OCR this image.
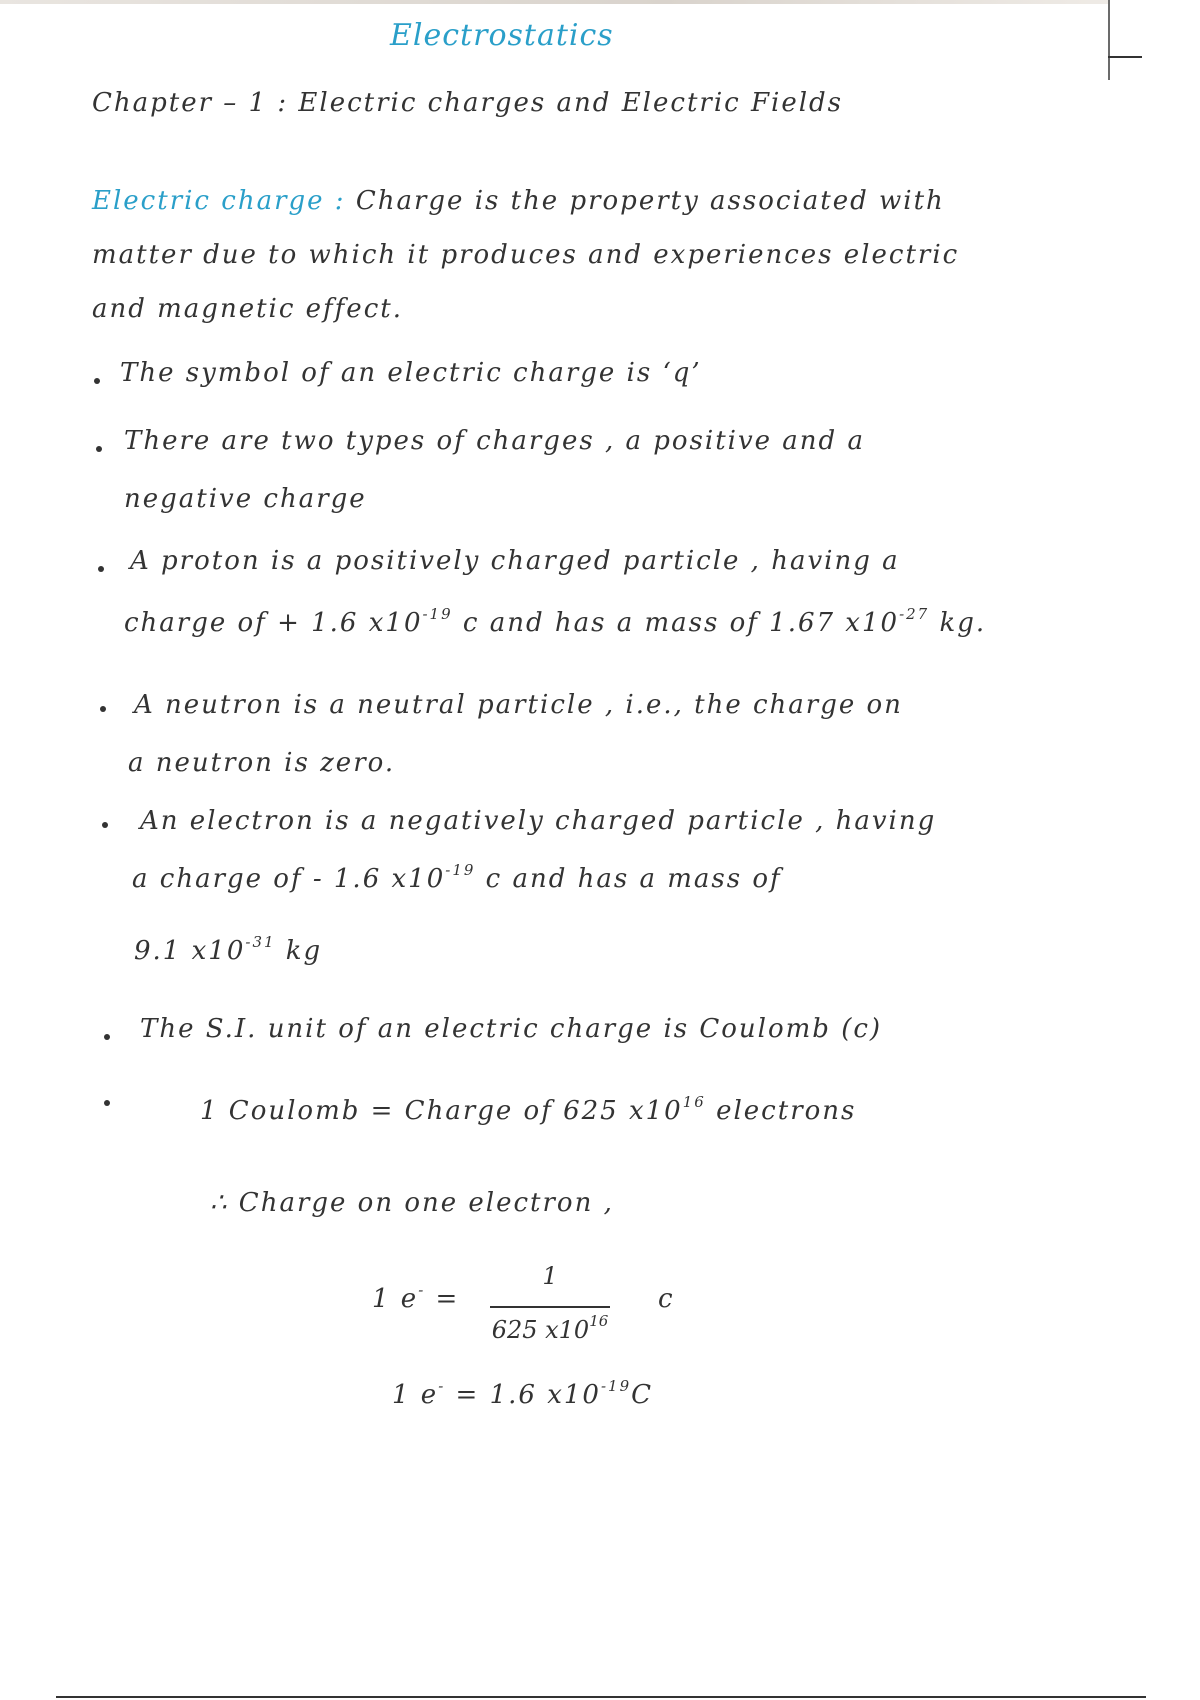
Electrostatics
Chapter – 1 : Electric charges and Electric Fields
Electric charge : Charge is the property associated with
matter due to which it produces and experiences electric
and magnetic effect.
The symbol of an electric charge is ‘q’
There are two types of charges , a positive and a
negative charge
A proton is a positively charged particle , having a
charge of + 1.6 $x10^{-19}$ c and has a mass of 1.67 $x10^{-27}$ kg.
A neutron is a neutral particle , i.e., the charge on
a neutron is zero.
An electron is a negatively charged particle , having
a charge of - 1.6 $x10^{-19}$ c and has a mass of
9.1 $x10^{-31}$ kg
The S.I. unit of an electric charge is Coulomb (c)
1 Coulomb = Charge of 625 $x10^{16}$ electrons
∴ Charge on one electron ,
1 e- =
1
625 $x10^{16}$
c
1 e- = 1.6 $x10^{-19}C$
